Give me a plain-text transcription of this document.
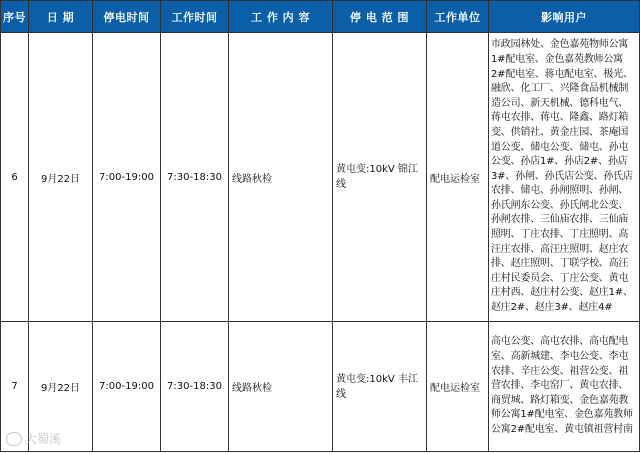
序号	日 期	停电时间	工作时间	工 作 内 容	停 电 范 围	工作单位	影响用户
6	9月22日	7:00-19:00	7:30-18:30	线路秋检	黄屯变:10kV 锦江线	配电运检室	市政园林处、金色嘉苑物师公寓1#配电室、金色嘉苑教师公寓2#配电室、蒋屯配电室、极光、融欣、化工厂、兴隆食品机械制造公司、新天机械、德科电气、蒋屯农排、蒋屯、隆鑫、路灯箱变、供销社、黄金庄园、茶庵国道公变、储屯公变、储屯、孙屯公变、孙店1#、孙店2#、孙店3#、孙闸、孙氏店公变、孙氏店农排、储屯、孙闸照明、孙闸、孙氏闸东公变、孙氏闸北公变、孙闸农排、三仙庙农排、三仙庙照明、丁庄农排、丁庄照明、高汪庄农排、高汪庄照明、赵庄农排、赵庄照明、丁联学校、高汪庄村民委员会、丁庄公变、黄屯庄村西、赵庄村公变、赵庄1#、赵庄2#、赵庄3#、赵庄4#
7	9月22日	7:00-19:00	7:30-18:30	线路秋检	黄屯变:10kV 丰江线	配电运检室	高屯公变、高屯农排、高屯配电室、高新城建、李屯公变、李屯农排、辛庄公变、祖营公变、祖营农排、李屯窑厂、黄屯农排、商贸城、路灯箱变、金色嘉苑教师公寓1#配电室、金色嘉苑教师公寓2#配电室、黄屯镇祖营村南
大蜀溪
